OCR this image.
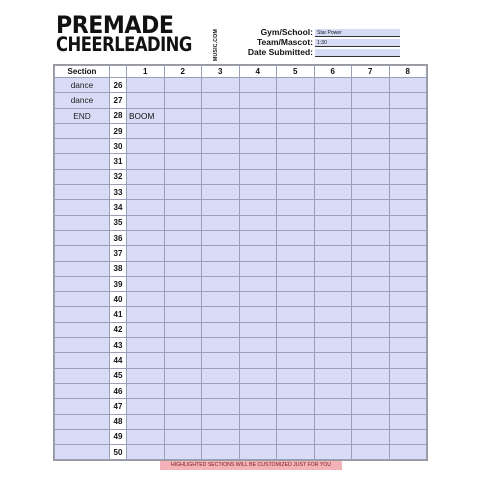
PREMADE
CHEERLEADING	MUSIC.COM	Gym/School: Star Power
Team/Mascot: 1:30
Date Submitted:
Section		1	2	3	4	5	6	7	8
dance	26								
dance	27								
END	28	BOOM							
	29								
	30								
	31								
	32								
	33								
	34								
	35								
	36								
	37								
	38								
	39								
	40								
	41								
	42								
	43								
	44								
	45								
	46								
	47								
	48								
	49								
	50								
HIGHLIGHTED SECTIONS WILL BE CUSTOMIZED JUST FOR YOU
